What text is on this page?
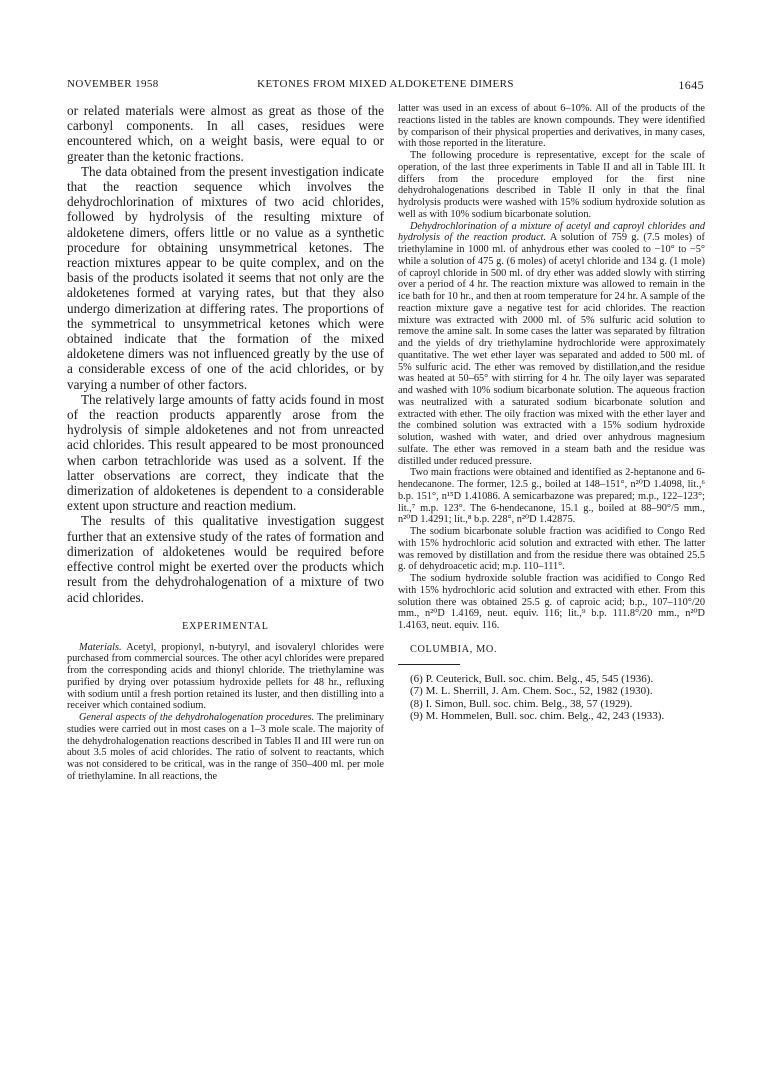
NOVEMBER 1958	KETONES FROM MIXED ALDOKETENE DIMERS	1645

or related materials were almost as great as those of the carbonyl components. In all cases, residues were encountered which, on a weight basis, were equal to or greater than the ketonic fractions.

The data obtained from the present investigation indicate that the reaction sequence which involves the dehydrochlorination of mixtures of two acid chlorides, followed by hydrolysis of the resulting mixture of aldoketene dimers, offers little or no value as a synthetic procedure for obtaining unsymmetrical ketones. The reaction mixtures appear to be quite complex, and on the basis of the products isolated it seems that not only are the aldoketenes formed at varying rates, but that they also undergo dimerization at differing rates. The proportions of the symmetrical to unsymmetrical ketones which were obtained indicate that the formation of the mixed aldoketene dimers was not influenced greatly by the use of a considerable excess of one of the acid chlorides, or by varying a number of other factors.

The relatively large amounts of fatty acids found in most of the reaction products apparently arose from the hydrolysis of simple aldoketenes and not from unreacted acid chlorides. This result appeared to be most pronounced when carbon tetrachloride was used as a solvent. If the latter observations are correct, they indicate that the dimerization of aldoketenes is dependent to a considerable extent upon structure and reaction medium.

The results of this qualitative investigation suggest further that an extensive study of the rates of formation and dimerization of aldoketenes would be required before effective control might be exerted over the products which result from the dehydrohalogenation of a mixture of two acid chlorides.

EXPERIMENTAL

Materials. Acetyl, propionyl, n-butyryl, and isovaleryl chlorides were purchased from commercial sources. The other acyl chlorides were prepared from the corresponding acids and thionyl chloride. The triethylamine was purified by drying over potassium hydroxide pellets for 48 hr., refluxing with sodium until a fresh portion retained its luster, and then distilling into a receiver which contained sodium.

General aspects of the dehydrohalogenation procedures. The preliminary studies were carried out in most cases on a 1–3 mole scale. The majority of the dehydrohalogenation reactions described in Tables II and III were run on about 3.5 moles of acid chlorides. The ratio of solvent to reactants, which was not considered to be critical, was in the range of 350–400 ml. per mole of triethylamine. In all reactions, the

latter was used in an excess of about 6–10%. All of the products of the reactions listed in the tables are known compounds. They were identified by comparison of their physical properties and derivatives, in many cases, with those reported in the literature.

The following procedure is representative, except for the scale of operation, of the last three experiments in Table II and all in Table III. It differs from the procedure employed for the first nine dehydrohalogenations described in Table II only in that the final hydrolysis products were washed with 15% sodium hydroxide solution as well as with 10% sodium bicarbonate solution.

Dehydrochlorination of a mixture of acetyl and caproyl chlorides and hydrolysis of the reaction product. A solution of 759 g. (7.5 moles) of triethylamine in 1000 ml. of anhydrous ether was cooled to −10° to −5° while a solution of 475 g. (6 moles) of acetyl chloride and 134 g. (1 mole) of caproyl chloride in 500 ml. of dry ether was added slowly with stirring over a period of 4 hr. The reaction mixture was allowed to remain in the ice bath for 10 hr., and then at room temperature for 24 hr. A sample of the reaction mixture gave a negative test for acid chlorides. The reaction mixture was extracted with 2000 ml. of 5% sulfuric acid solution to remove the amine salt. In some cases the latter was separated by filtration and the yields of dry triethylamine hydrochloride were approximately quantitative. The wet ether layer was separated and added to 500 ml. of 5% sulfuric acid. The ether was removed by distillation,and the residue was heated at 50–65° with stirring for 4 hr. The oily layer was separated and washed with 10% sodium bicarbonate solution. The aqueous fraction was neutralized with a saturated sodium bicarbonate solution and extracted with ether. The oily fraction was mixed with the ether layer and the combined solution was extracted with a 15% sodium hydroxide solution, washed with water, and dried over anhydrous magnesium sulfate. The ether was removed in a steam bath and the residue was distilled under reduced pressure.

Two main fractions were obtained and identified as 2-heptanone and 6-hendecanone. The former, 12.5 g., boiled at 148–151°, n²⁰D 1.4098, lit.,⁶ b.p. 151°, n¹⁵D 1.41086. A semicarbazone was prepared; m.p., 122–123°; lit.,⁷ m.p. 123°. The 6-hendecanone, 15.1 g., boiled at 88–90°/5 mm., n²⁰D 1.4291; lit.,⁸ b.p. 228°, n²⁰D 1.42875.

The sodium bicarbonate soluble fraction was acidified to Congo Red with 15% hydrochloric acid solution and extracted with ether. The latter was removed by distillation and from the residue there was obtained 25.5 g. of dehydroacetic acid; m.p. 110–111°.

The sodium hydroxide soluble fraction was acidified to Congo Red with 15% hydrochloric acid solution and extracted with ether. From this solution there was obtained 25.5 g. of caproic acid; b.p., 107–110°/20 mm., n²⁰D 1.4169, neut. equiv. 116; lit.,⁹ b.p. 111.8°/20 mm., n²⁰D 1.4163, neut. equiv. 116.

COLUMBIA, MO.

(6) P. Ceuterick, Bull. soc. chim. Belg., 45, 545 (1936).

(7) M. L. Sherrill, J. Am. Chem. Soc., 52, 1982 (1930).

(8) I. Simon, Bull. soc. chim. Belg., 38, 57 (1929).

(9) M. Hommelen, Bull. soc. chim. Belg., 42, 243 (1933).
